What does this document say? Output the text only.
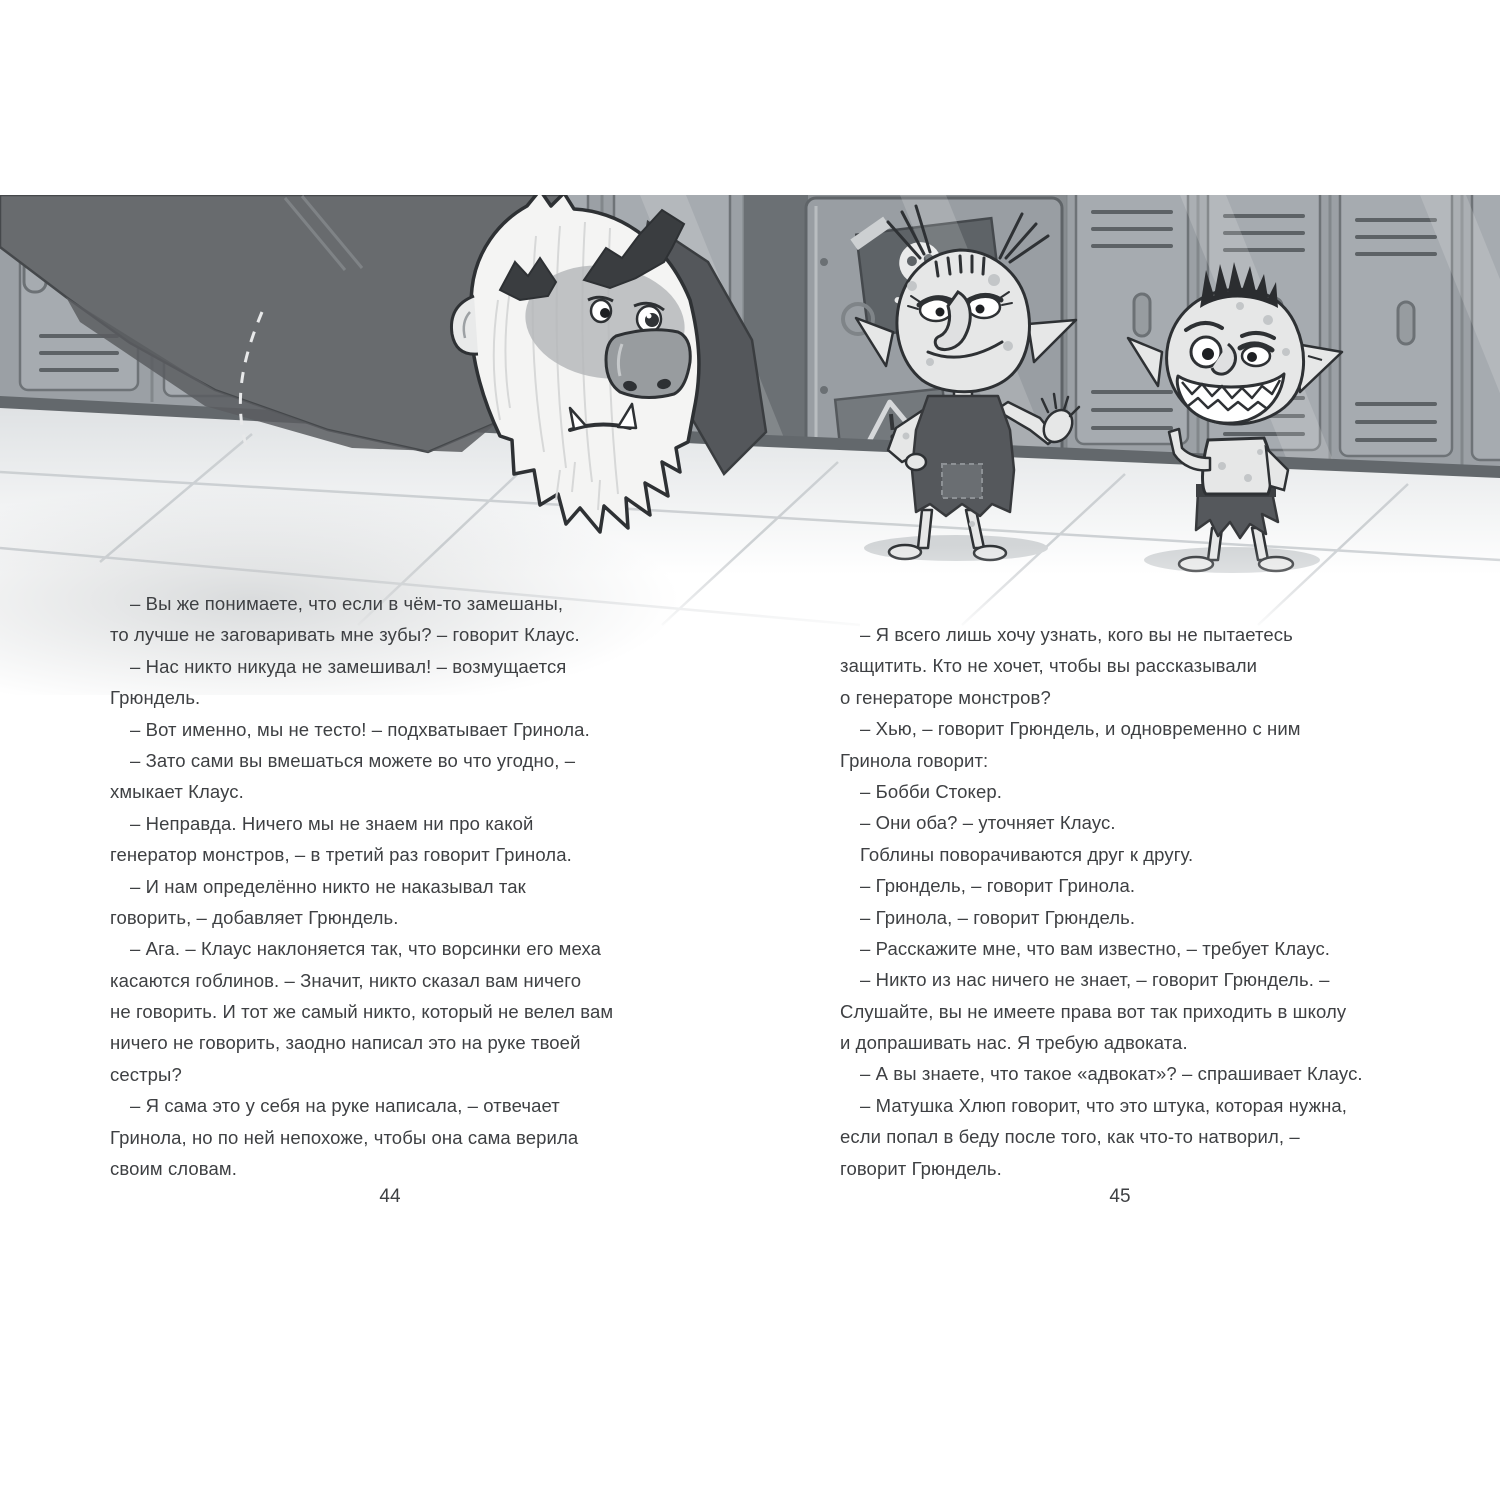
– Вы же понимаете, что если в чём-то замешаны,
то лучше не заговаривать мне зубы? – говорит Клаус.
– Нас никто никуда не замешивал! – возмущается
Грюндель.
– Вот именно, мы не тесто! – подхватывает Гринола.
– Зато сами вы вмешаться можете во что угодно, –
хмыкает Клаус.
– Неправда. Ничего мы не знаем ни про какой
генератор монстров, – в третий раз говорит Гринола.
– И нам определённо никто не наказывал так
говорить, – добавляет Грюндель.
– Ага. – Клаус наклоняется так, что ворсинки его меха
касаются гоблинов. – Значит, никто сказал вам ничего
не говорить. И тот же самый никто, который не велел вам
ничего не говорить, заодно написал это на руке твоей
сестры?
– Я сама это у себя на руке написала, – отвечает
Гринола, но по ней непохоже, чтобы она сама верила
своим словам.
– Я всего лишь хочу узнать, кого вы не пытаетесь
защитить. Кто не хочет, чтобы вы рассказывали
о генераторе монстров?
– Хью, – говорит Грюндель, и одновременно с ним
Гринола говорит:
– Бобби Стокер.
– Они оба? – уточняет Клаус.
Гоблины поворачиваются друг к другу.
– Грюндель, – говорит Гринола.
– Гринола, – говорит Грюндель.
– Расскажите мне, что вам известно, – требует Клаус.
– Никто из нас ничего не знает, – говорит Грюндель. –
Слушайте, вы не имеете права вот так приходить в школу
и допрашивать нас. Я требую адвоката.
– А вы знаете, что такое «адвокат»? – спрашивает Клаус.
– Матушка Хлюп говорит, что это штука, которая нужна,
если попал в беду после того, как что-то натворил, –
говорит Грюндель.
44	45
